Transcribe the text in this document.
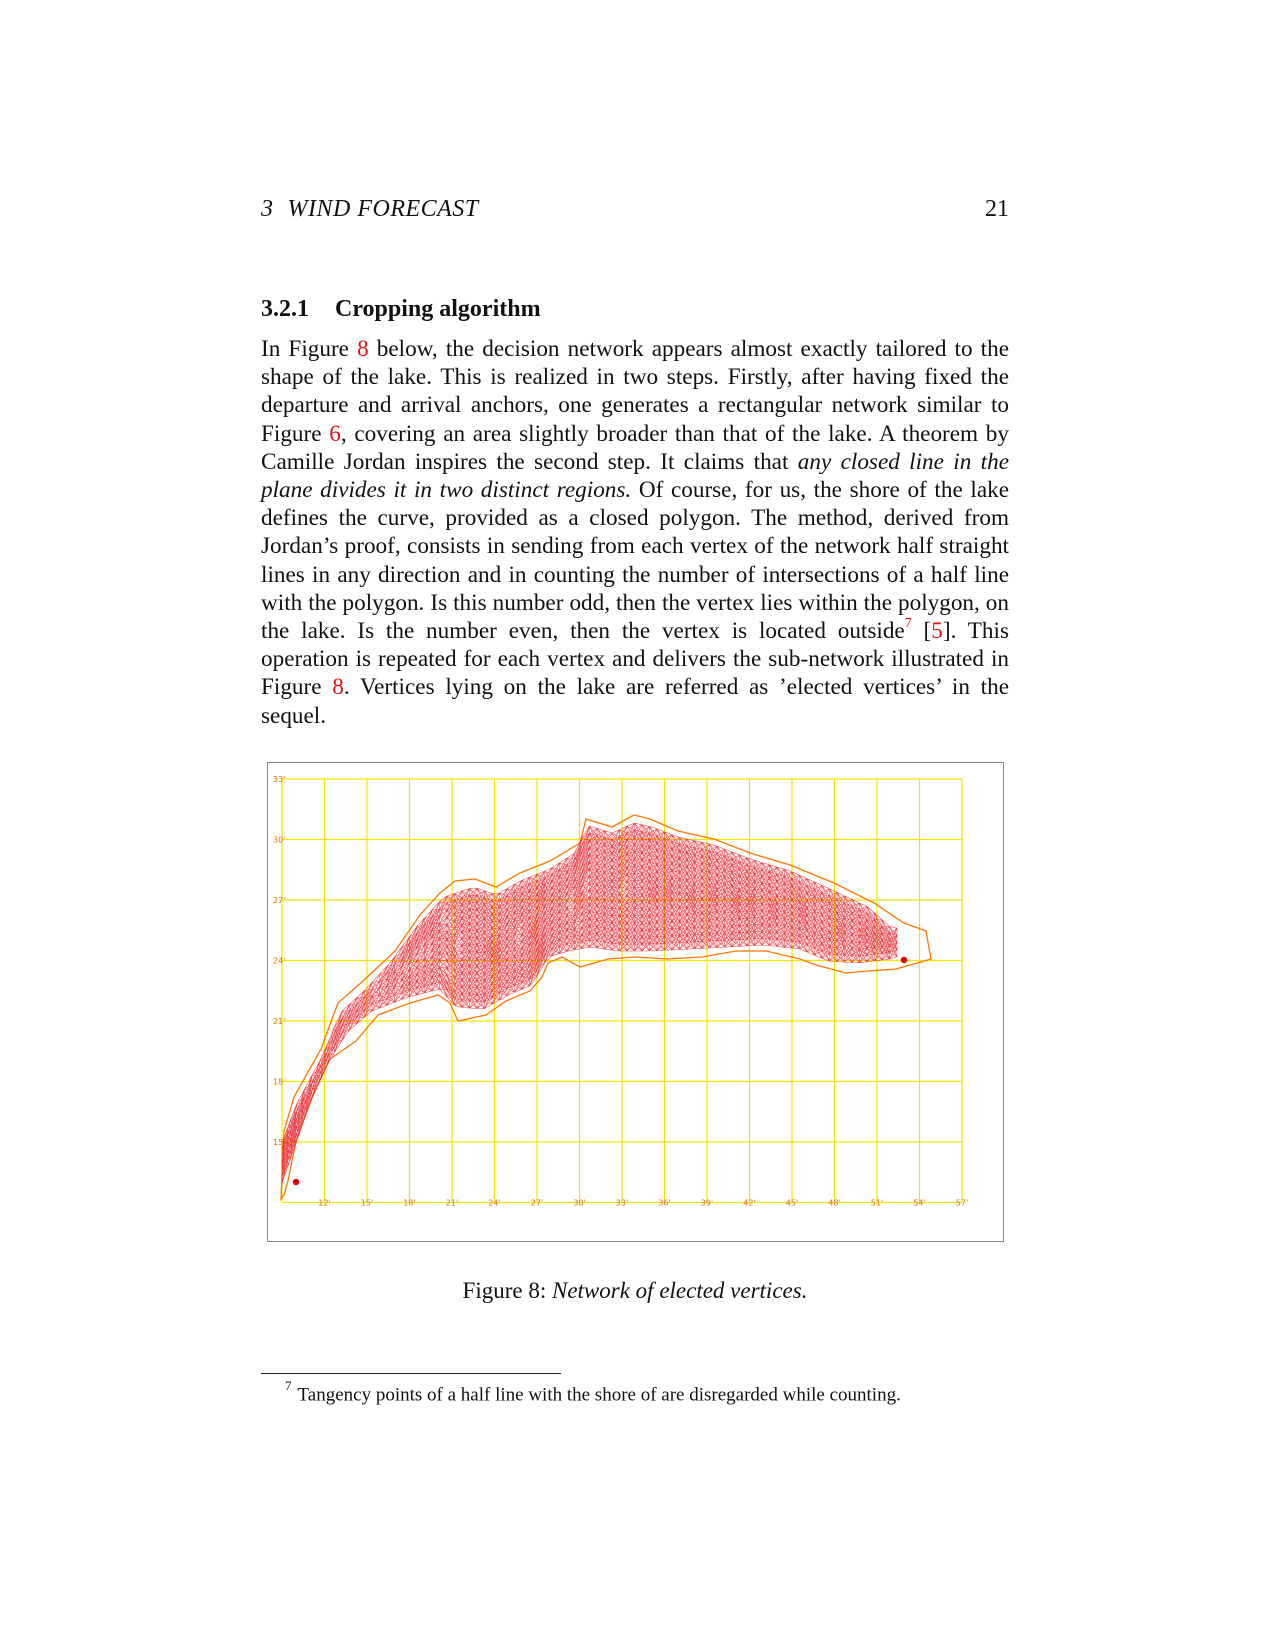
3 WIND FORECAST	21
3.2.1 Cropping algorithm
In Figure 8 below, the decision network appears almost exactly tailored to the shape of the lake. This is realized in two steps. Firstly, after having fixed the departure and arrival anchors, one generates a rectangular network similar to Figure 6, covering an area slightly broader than that of the lake. A theorem by Camille Jordan inspires the second step. It claims that any closed line in the plane divides it in two distinct regions. Of course, for us, the shore of the lake defines the curve, provided as a closed polygon. The method, derived from Jordan’s proof, consists in sending from each vertex of the network half straight lines in any direction and in counting the number of intersections of a half line with the polygon. Is this number odd, then the vertex lies within the polygon, on the lake. Is the number even, then the vertex is located outside$^7$ [5]. This operation is repeated for each vertex and delivers the sub-network illustrated in Figure 8. Vertices lying on the lake are referred as ’elected vertices’ in the sequel.
12'	15'	18'	21'	24'	27'	30'	33'	36'	39'	42'	45'	48'	51'	54'	57'
33'
30'
27'
24'
21'
18'
15'
Figure 8: Network of elected vertices.
$^7$ Tangency points of a half line with the shore of are disregarded while counting.
